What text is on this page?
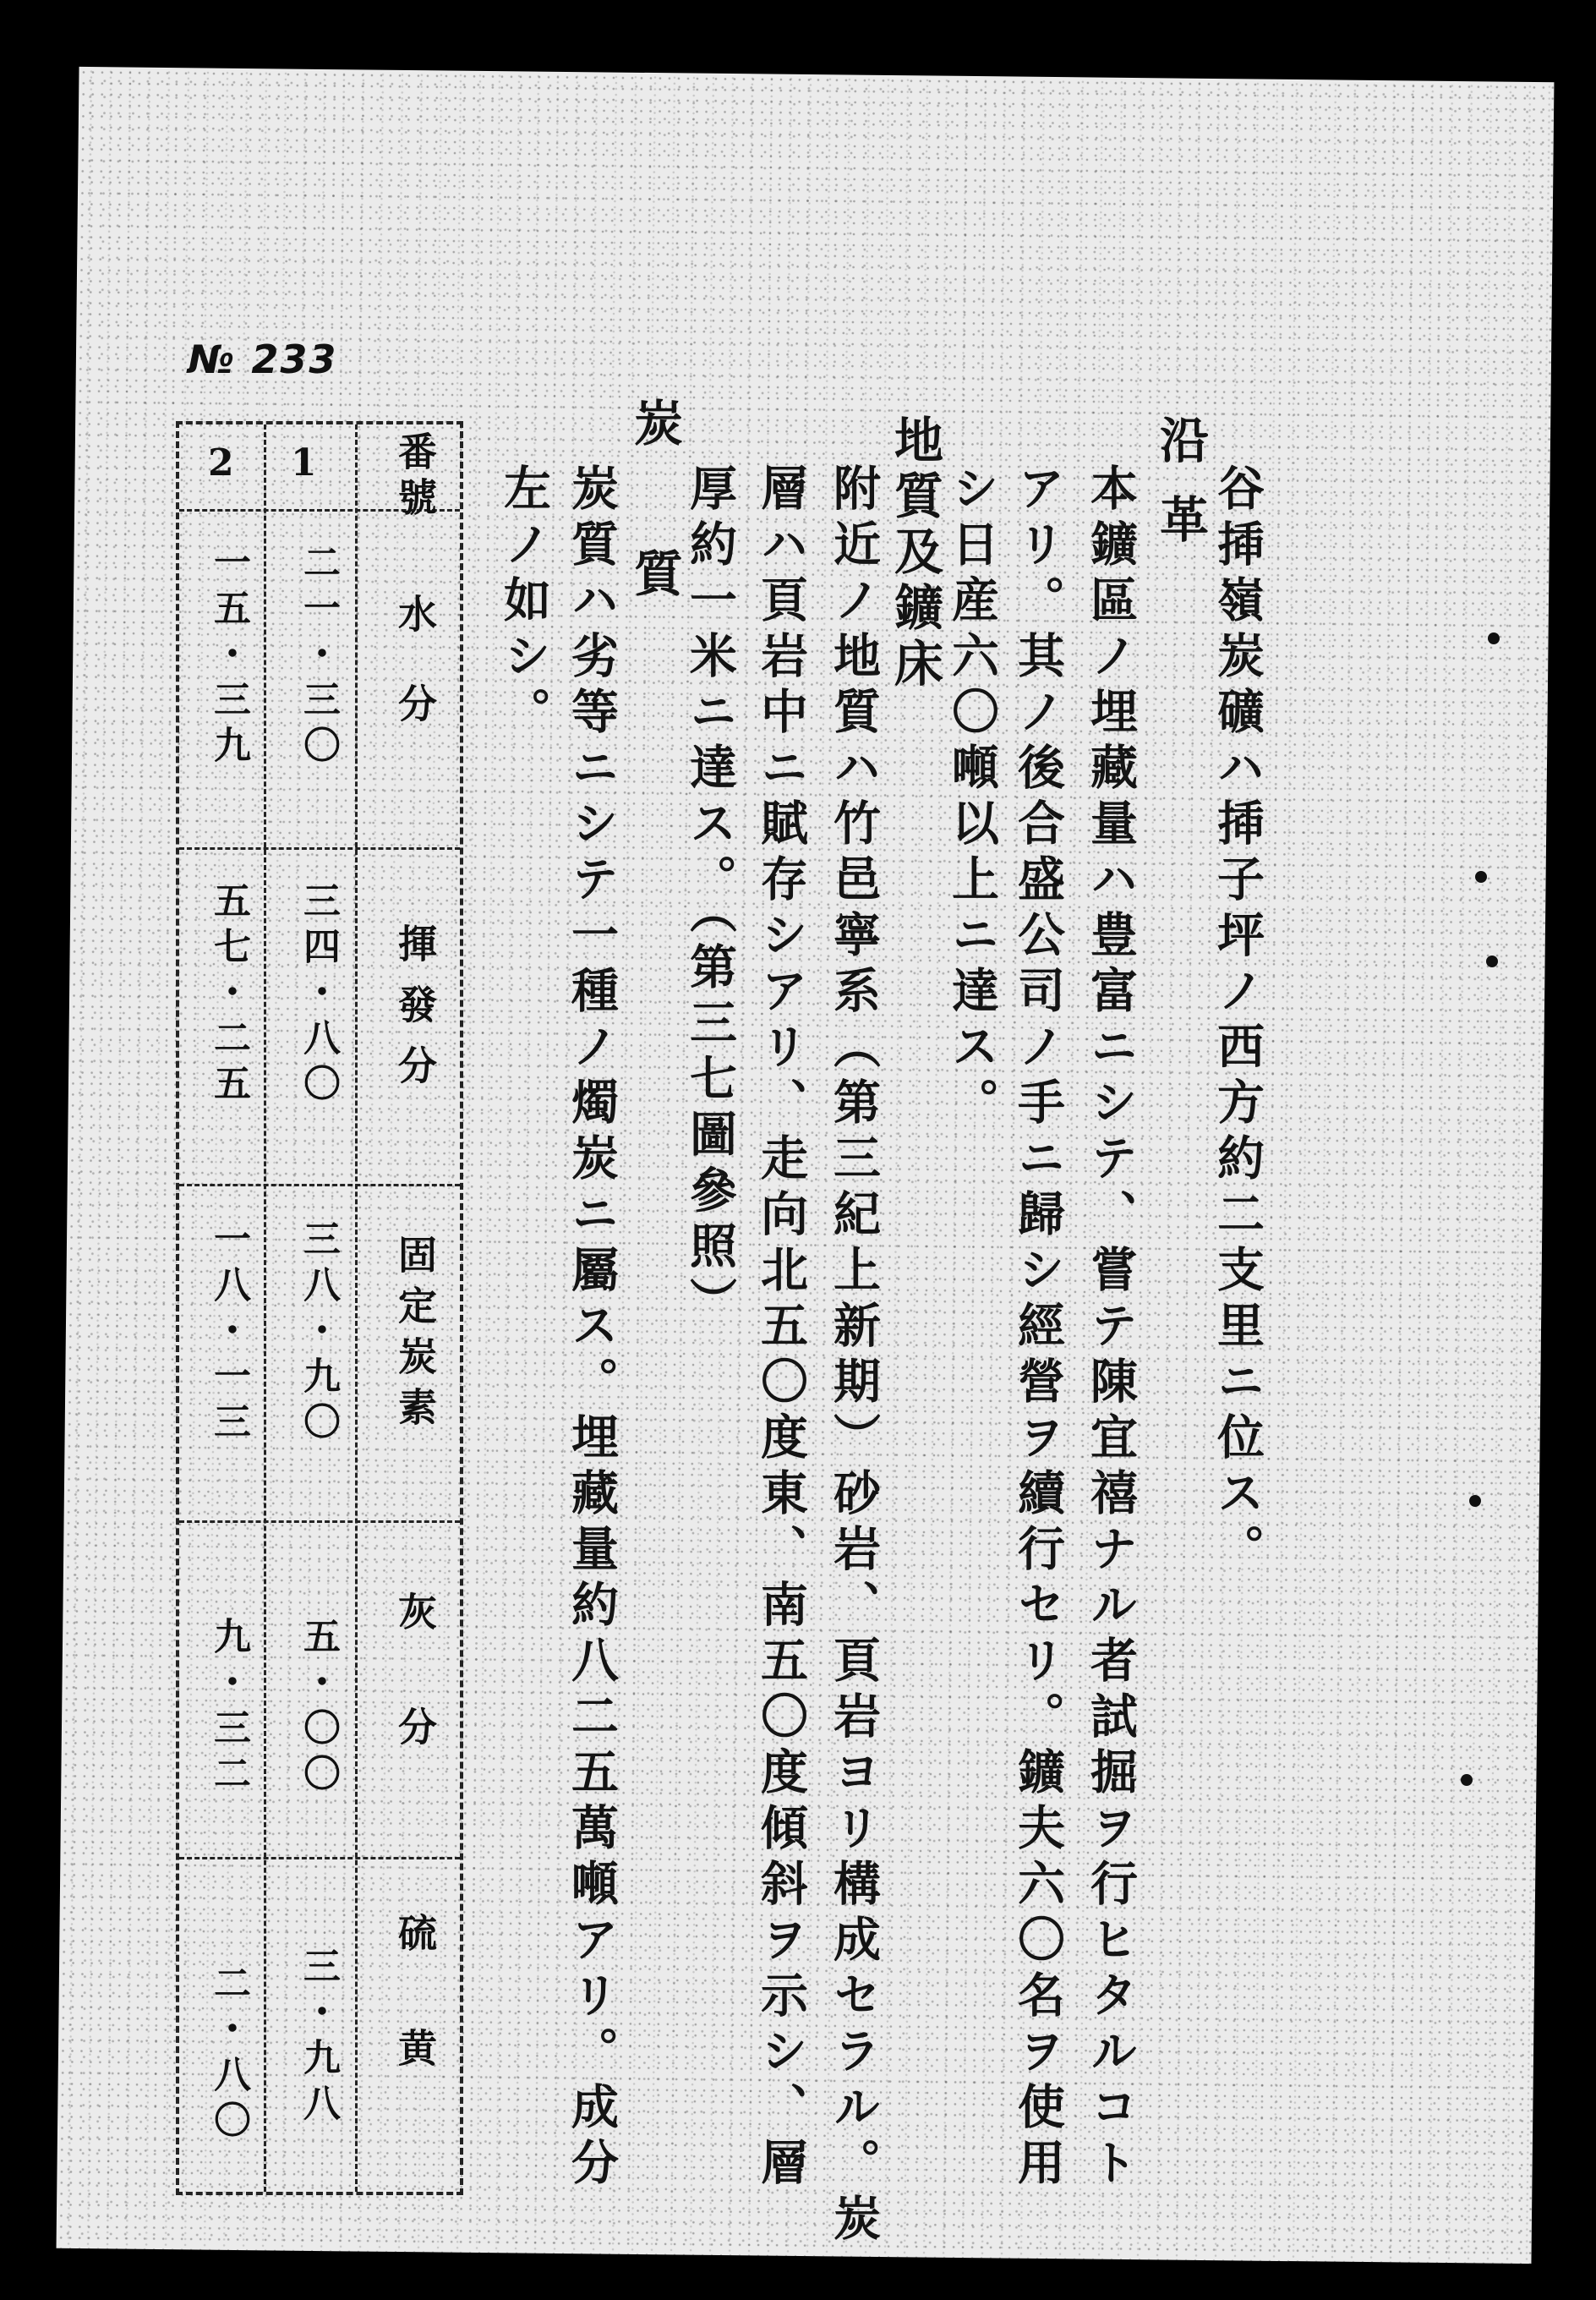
№ 233
谷揷嶺炭礦ハ揷子坪ノ西方約二支里ニ位ス。
沿革
本鑛區ノ埋藏量ハ豊富ニシテ、嘗テ陳宜禧ナル者試掘ヲ行ヒタルコト
アリ。其ノ後合盛公司ノ手ニ歸シ經營ヲ續行セリ。鑛夫六〇名ヲ使用
シ日産六〇噸以上ニ達ス。
地質及鑛床
附近ノ地質ハ竹邑寧系（第三紀上新期）砂岩、頁岩ヨリ構成セラル。炭
層ハ頁岩中ニ賦存シアリ、走向北五〇度東、南五〇度傾斜ヲ示シ、層
厚約一米ニ達ス。（第三七圖參照）
炭質
炭質ハ劣等ニシテ一種ノ燭炭ニ屬ス。埋藏量約八二五萬噸アリ。成分
左ノ如シ。
番號
水分
揮發分
固定炭素
灰分
硫黄
1
二一・三〇
三四・八〇
三八・九〇
五・〇〇
三・九八
2
一五・三九
五七・二五
一八・一三
九・三二
二・八〇
